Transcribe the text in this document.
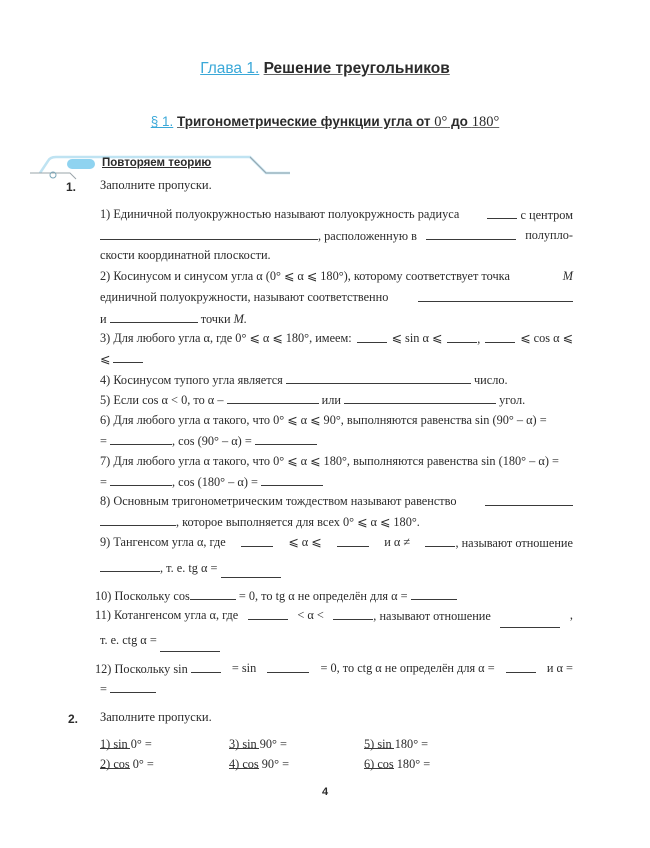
Глава 1. Решение треугольников
§ 1. Тригонометрические функции угла от 0° до 180°
Повторяем теорию
1. Заполните пропуски.
1) Единичной полуокружностью называют полуокружность радиуса	с центром
, расположенную в	полупло-
скости координатной плоскости.
2) Косинусом и синусом угла α (0° ⩽ α ⩽ 180°), которому соответствует точка	M
единичной полуокружности, называют соответственно
и	точки M.
3) Для любого угла α, где 0° ⩽ α ⩽ 180°, имеем:	⩽ sin α ⩽	,	⩽ cos α ⩽
⩽
4) Косинусом тупого угла является	число.
5) Если cos α < 0, то α –	или	угол.
6) Для любого угла α такого, что 0° ⩽ α ⩽ 90°, выполняются равенства sin (90° – α) =
=	, cos (90° – α) =
7) Для любого угла α такого, что 0° ⩽ α ⩽ 180°, выполняются равенства sin (180° – α) =
=	, cos (180° – α) =
8) Основным тригонометрическим тождеством называют равенство
, которое выполняется для всех 0° ⩽ α ⩽ 180°.
9) Тангенсом угла α, где	⩽ α ⩽	и α ≠	, называют отношение
, т. е. tg α =
10) Поскольку cos	= 0, то tg α не определён для α =
11) Котангенсом угла α, где	< α <	, называют отношение	,
т. е. ctg α =
12) Поскольку sin	= sin	= 0, то ctg α не определён для α =	и α =
=
2. Заполните пропуски.
1) sin 0° =	3) sin 90° =	5) sin 180° =
2) cos 0° =	4) cos 90° =	6) cos 180° =
4
